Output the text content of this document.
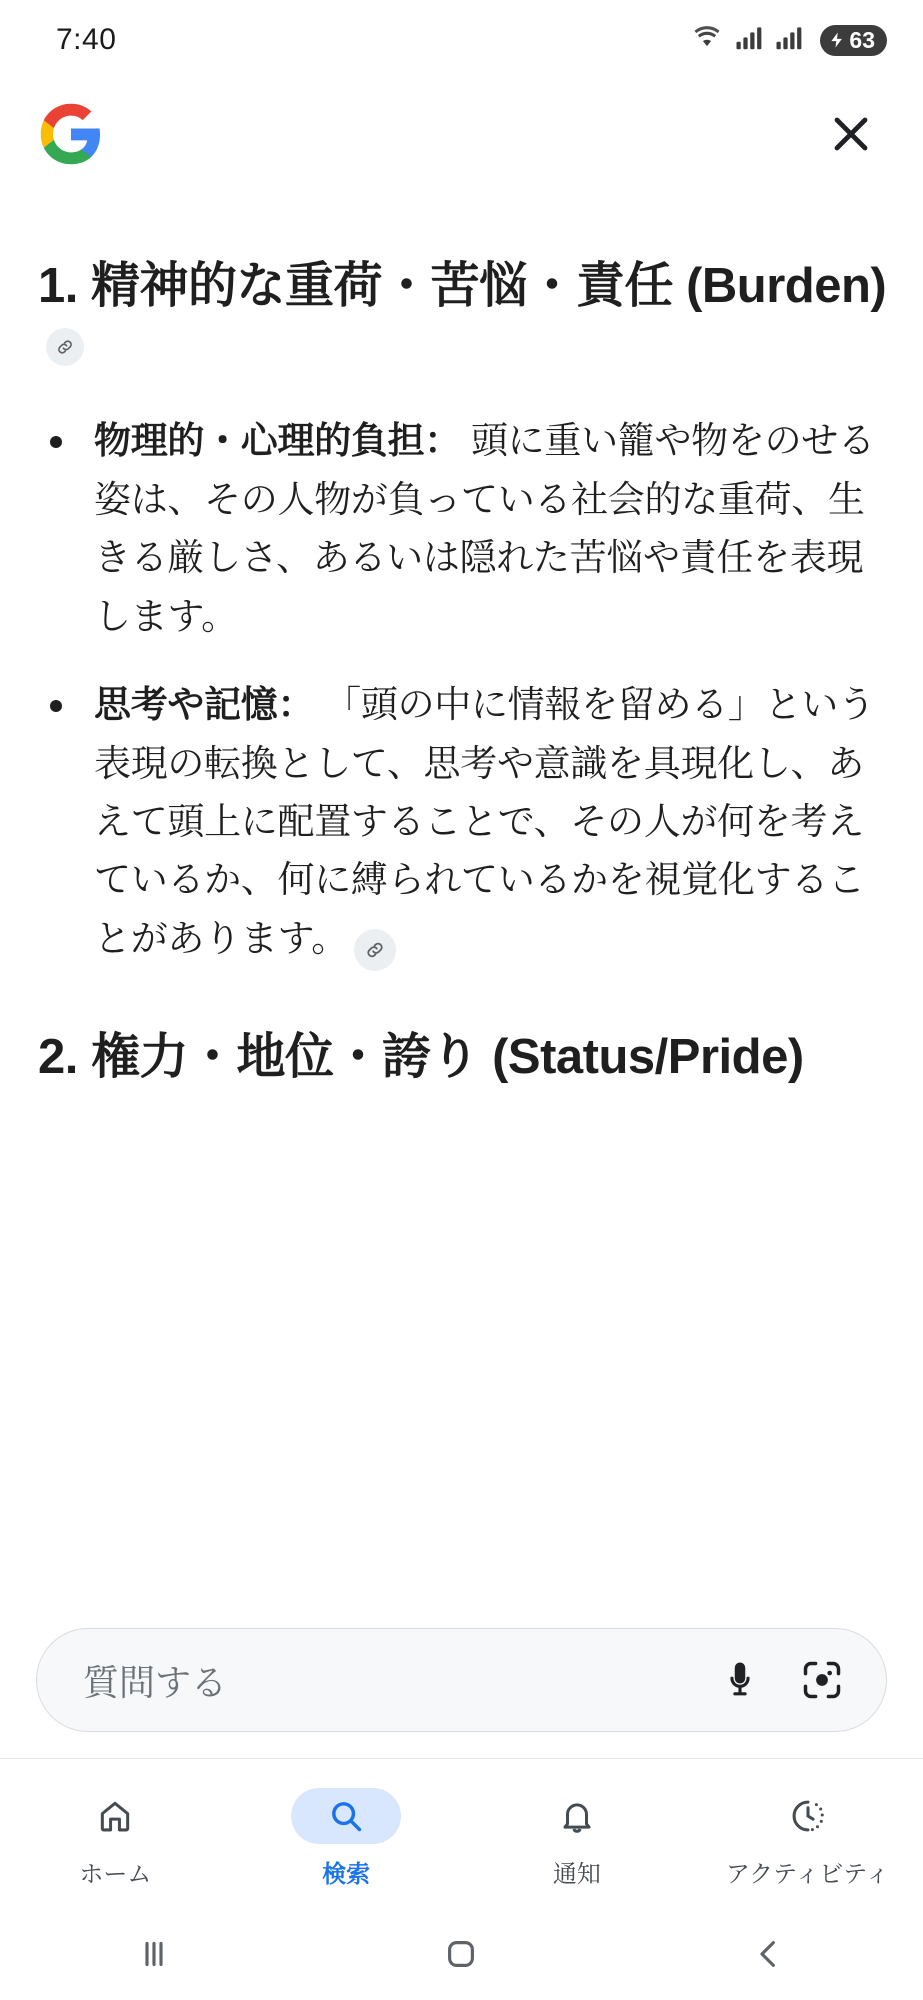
7:40	63
1. 精神的な重荷・苦悩・責任 (Burden)
物理的・心理的負担： 頭に重い籠や物をのせる姿は、その人物が負っている社会的な重荷、生きる厳しさ、あるいは隠れた苦悩や責任を表現します。
思考や記憶： 「頭の中に情報を留める」という表現の転換として、思考や意識を具現化し、あえて頭上に配置することで、その人が何を考えているか、何に縛られているかを視覚化することがあります。
2. 権力・地位・誇り (Status/Pride)
質問する
ホーム	検索	通知	アクティビティ
